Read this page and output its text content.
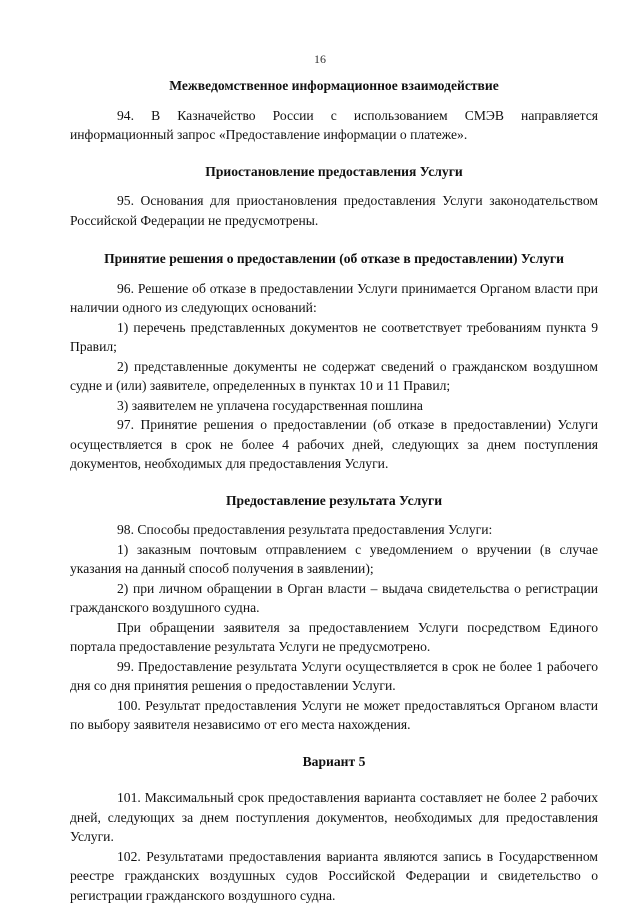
16
Межведомственное информационное взаимодействие

94. В Казначейство России с использованием СМЭВ направляется информационный запрос «Предоставление информации о платеже».

Приостановление предоставления Услуги

95. Основания для приостановления предоставления Услуги законодательством Российской Федерации не предусмотрены.

Принятие решения о предоставлении (об отказе в предоставлении) Услуги

96. Решение об отказе в предоставлении Услуги принимается Органом власти при наличии одного из следующих оснований:

1) перечень представленных документов не соответствует требованиям пункта 9 Правил;

2) представленные документы не содержат сведений о гражданском воздушном судне и (или) заявителе, определенных в пунктах 10 и 11 Правил;

3) заявителем не уплачена государственная пошлина

97. Принятие решения о предоставлении (об отказе в предоставлении) Услуги осуществляется в срок не более 4 рабочих дней, следующих за днем поступления документов, необходимых для предоставления Услуги.

Предоставление результата Услуги

98. Способы предоставления результата предоставления Услуги:

1) заказным почтовым отправлением с уведомлением о вручении (в случае указания на данный способ получения в заявлении);

2) при личном обращении в Орган власти – выдача свидетельства о регистрации гражданского воздушного судна.

При обращении заявителя за предоставлением Услуги посредством Единого портала предоставление результата Услуги не предусмотрено.

99. Предоставление результата Услуги осуществляется в срок не более 1 рабочего дня со дня принятия решения о предоставлении Услуги.

100. Результат предоставления Услуги не может предоставляться Органом власти по выбору заявителя независимо от его места нахождения.

Вариант 5

101. Максимальный срок предоставления варианта составляет не более 2 рабочих дней, следующих за днем поступления документов, необходимых для предоставления Услуги.

102. Результатами предоставления варианта являются запись в Государственном реестре гражданских воздушных судов Российской Федерации и свидетельство о регистрации гражданского воздушного судна.
